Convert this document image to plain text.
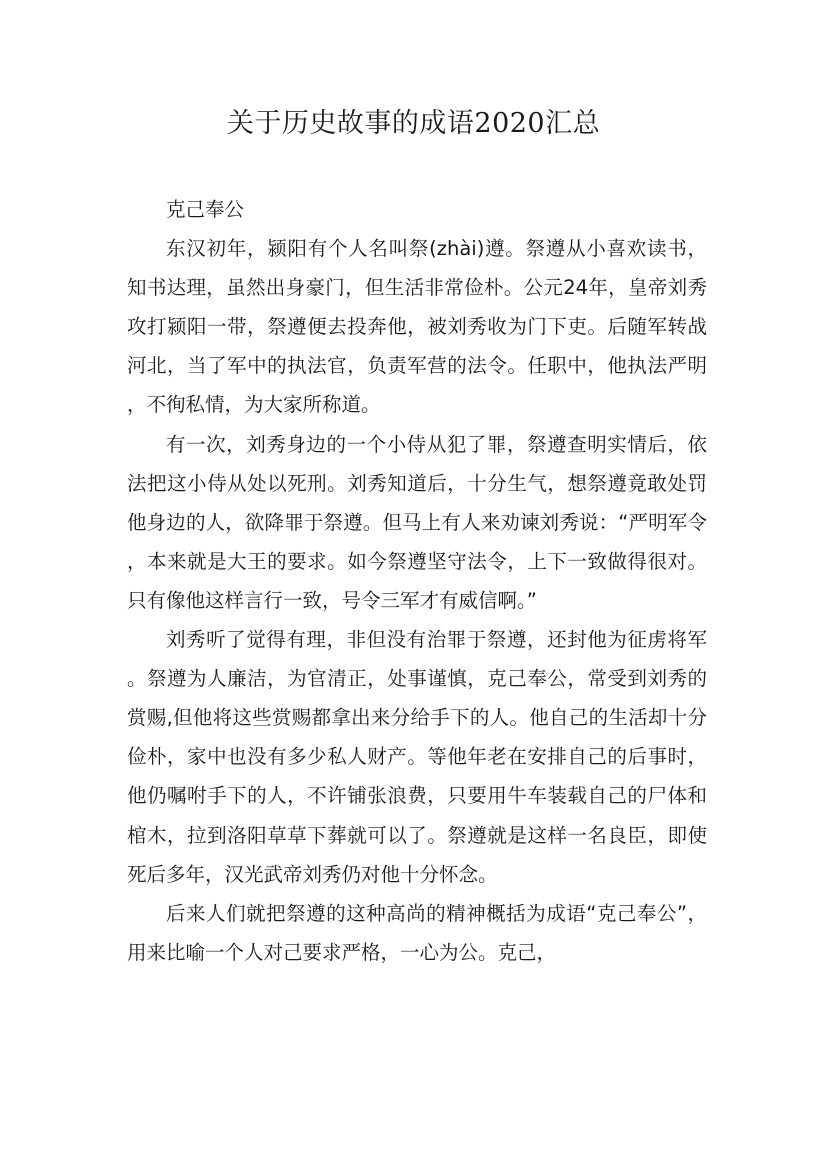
关于历史故事的成语2020汇总

克己奉公

东汉初年，颍阳有个人名叫祭(zhài)遵。祭遵从小喜欢读书，知书达理，虽然出身豪门，但生活非常俭朴。公元24年，皇帝刘秀攻打颍阳一带，祭遵便去投奔他，被刘秀收为门下吏。后随军转战河北，当了军中的执法官，负责军营的法令。任职中，他执法严明，不徇私情，为大家所称道。

有一次，刘秀身边的一个小侍从犯了罪，祭遵查明实情后，依法把这小侍从处以死刑。刘秀知道后，十分生气，想祭遵竟敢处罚他身边的人，欲降罪于祭遵。但马上有人来劝谏刘秀说：“严明军令，本来就是大王的要求。如今祭遵坚守法令，上下一致做得很对。只有像他这样言行一致，号令三军才有威信啊。”

刘秀听了觉得有理，非但没有治罪于祭遵，还封他为征虏将军。祭遵为人廉洁，为官清正，处事谨慎，克己奉公，常受到刘秀的赏赐,但他将这些赏赐都拿出来分给手下的人。他自己的生活却十分俭朴，家中也没有多少私人财产。等他年老在安排自己的后事时，他仍嘱咐手下的人，不许铺张浪费，只要用牛车装载自己的尸体和棺木，拉到洛阳草草下葬就可以了。祭遵就是这样一名良臣，即使死后多年，汉光武帝刘秀仍对他十分怀念。

后来人们就把祭遵的这种高尚的精神概括为成语“克己奉公”，用来比喻一个人对己要求严格，一心为公。克己，
